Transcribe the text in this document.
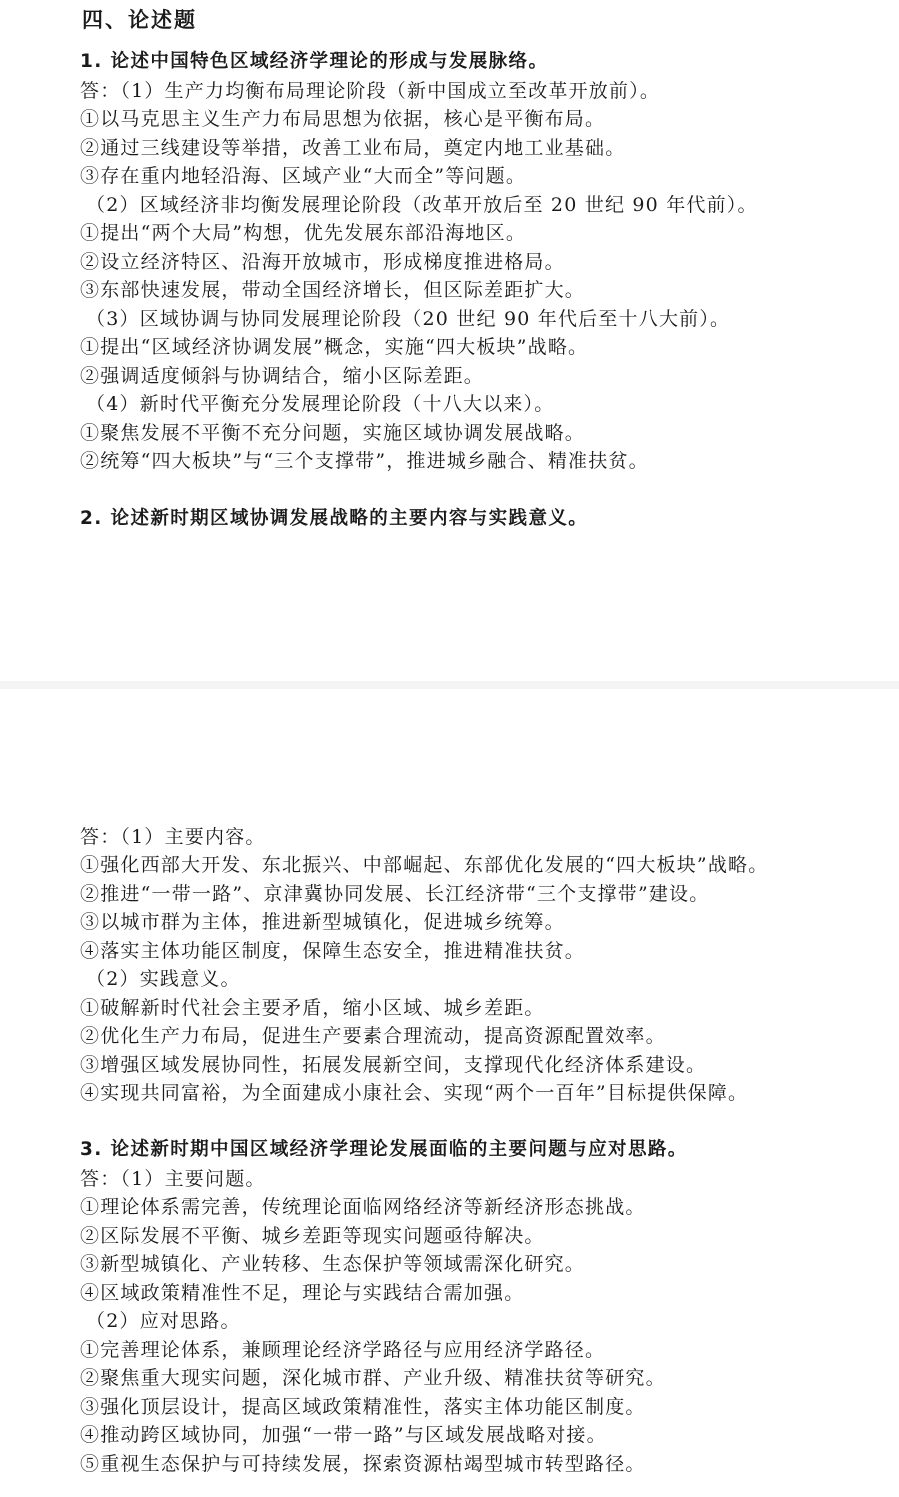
四、论述题
1. 论述中国特色区域经济学理论的形成与发展脉络。
答：（1）生产力均衡布局理论阶段（新中国成立至改革开放前）。
①以马克思主义生产力布局思想为依据，核心是平衡布局。
②通过三线建设等举措，改善工业布局，奠定内地工业基础。
③存在重内地轻沿海、区域产业“大而全”等问题。
（2）区域经济非均衡发展理论阶段（改革开放后至 20 世纪 90 年代前）。
①提出“两个大局”构想，优先发展东部沿海地区。
②设立经济特区、沿海开放城市，形成梯度推进格局。
③东部快速发展，带动全国经济增长，但区际差距扩大。
（3）区域协调与协同发展理论阶段（20 世纪 90 年代后至十八大前）。
①提出“区域经济协调发展”概念，实施“四大板块”战略。
②强调适度倾斜与协调结合，缩小区际差距。
（4）新时代平衡充分发展理论阶段（十八大以来）。
①聚焦发展不平衡不充分问题，实施区域协调发展战略。
②统筹“四大板块”与“三个支撑带”，推进城乡融合、精准扶贫。
2. 论述新时期区域协调发展战略的主要内容与实践意义。
答：（1）主要内容。
①强化西部大开发、东北振兴、中部崛起、东部优化发展的“四大板块”战略。
②推进“一带一路”、京津冀协同发展、长江经济带“三个支撑带”建设。
③以城市群为主体，推进新型城镇化，促进城乡统筹。
④落实主体功能区制度，保障生态安全，推进精准扶贫。
（2）实践意义。
①破解新时代社会主要矛盾，缩小区域、城乡差距。
②优化生产力布局，促进生产要素合理流动，提高资源配置效率。
③增强区域发展协同性，拓展发展新空间，支撑现代化经济体系建设。
④实现共同富裕，为全面建成小康社会、实现“两个一百年”目标提供保障。
3. 论述新时期中国区域经济学理论发展面临的主要问题与应对思路。
答：（1）主要问题。
①理论体系需完善，传统理论面临网络经济等新经济形态挑战。
②区际发展不平衡、城乡差距等现实问题亟待解决。
③新型城镇化、产业转移、生态保护等领域需深化研究。
④区域政策精准性不足，理论与实践结合需加强。
（2）应对思路。
①完善理论体系，兼顾理论经济学路径与应用经济学路径。
②聚焦重大现实问题，深化城市群、产业升级、精准扶贫等研究。
③强化顶层设计，提高区域政策精准性，落实主体功能区制度。
④推动跨区域协同，加强“一带一路”与区域发展战略对接。
⑤重视生态保护与可持续发展，探索资源枯竭型城市转型路径。
